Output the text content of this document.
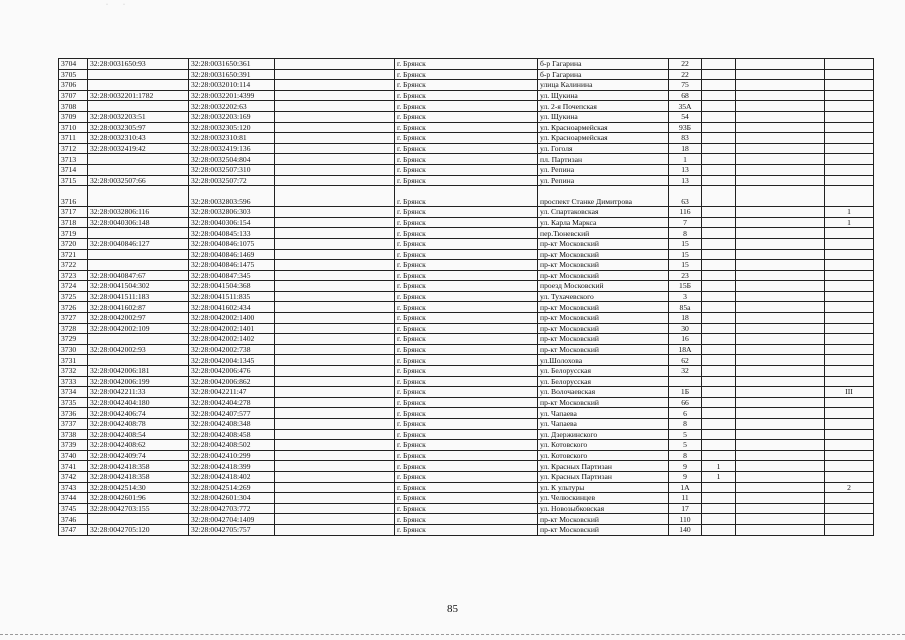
·	·
3704	32:28:0031650:93	32:28:0031650:361		г. Брянск	б-р Гагарина	22			
3705		32:28:0031650:391		г. Брянск	б-р Гагарина	22			
3706		32:28:0032010:114		г. Брянск	улица Калинина	75			
3707	32:28:0032201:1782	32:28:0032201:4399		г. Брянск	ул. Щукина	68			
3708		32:28:0032202:63		г. Брянск	ул. 2-я Почепская	35А			
3709	32:28:0032203:51	32:28:0032203:169		г. Брянск	ул. Щукина	54			
3710	32:28:0032305:97	32:28:0032305:120		г. Брянск	ул. Красноармейская	93Б			
3711	32:28:0032310:43	32:28:0032310:81		г. Брянск	ул. Красноармейская	83			
3712	32:28:0032419:42	32:28:0032419:136		г. Брянск	ул. Гоголя	18			
3713		32:28:0032504:804		г. Брянск	пл. Партизан	1			
3714		32:28:0032507:310		г. Брянск	ул. Репина	13			
3715	32:28:0032507:66	32:28:0032507:72		г. Брянск	ул. Репина	13			
3716		32:28:0032803:596		г. Брянск	проспект Станке Димитрова	63			
3717	32:28:0032806:116	32:28:0032806:303		г. Брянск	ул. Спартаковская	116			1
3718	32:28:0040306:148	32:28:0040306:154		г. Брянск	ул. Карла Маркса	7			1
3719		32:28:0040845:133		г. Брянск	пер.Тюневский	8			
3720	32:28:0040846:127	32:28:0040846:1075		г. Брянск	пр-кт Московский	15			
3721		32:28:0040846:1469		г. Брянск	пр-кт Московский	15			
3722		32:28:0040846:1475		г. Брянск	пр-кт Московский	15			
3723	32:28:0040847:67	32:28:0040847:345		г. Брянск	пр-кт Московский	23			
3724	32:28:0041504:302	32:28:0041504:368		г. Брянск	проезд Московский	15Б			
3725	32:28:0041511:183	32:28:0041511:835		г. Брянск	ул. Тухачевского	3			
3726	32:28:0041602:87	32:28:0041602:434		г. Брянск	пр-кт Московский	85а			
3727	32:28:0042002:97	32:28:0042002:1400		г. Брянск	пр-кт Московский	18			
3728	32:28:0042002:109	32:28:0042002:1401		г. Брянск	пр-кт Московский	30			
3729		32:28:0042002:1402		г. Брянск	пр-кт Московский	16			
3730	32:28:0042002:93	32:28:0042002:738		г. Брянск	пр-кт Московский	18А			
3731		32:28:0042004:1345		г. Брянск	ул.Шолохова	62			
3732	32:28:0042006:181	32:28:0042006:476		г. Брянск	ул. Белорусская	32			
3733	32:28:0042006:199	32:28:0042006:862		г. Брянск	ул. Белорусская				
3734	32:28:0042211:33	32:28:0042211:47		г. Брянск	ул. Волочаевская	1Б			III
3735	32:28:0042404:180	32:28:0042404:278		г. Брянск	пр-кт Московский	66			
3736	32:28:0042406:74	32:28:0042407:577		г. Брянск	ул. Чапаева	6			
3737	32:28:0042408:78	32:28:0042408:348		г. Брянск	ул. Чапаева	8			
3738	32:28:0042408:54	32:28:0042408:458		г. Брянск	ул. Дзержинского	5			
3739	32:28:0042408:62	32:28:0042408:502		г. Брянск	ул. Котовского	5			
3740	32:28:0042409:74	32:28:0042410:299		г. Брянск	ул. Котовского	8			
3741	32:28:0042418:358	32:28:0042418:399		г. Брянск	ул. Красных Партизан	9	1		
3742	32:28:0042418:358	32:28:0042418:402		г. Брянск	ул. Красных Партизан	9	1		
3743	32:28:0042514:30	32:28:0042514:269		г. Брянск	ул. К ультуры	1А			2
3744	32:28:0042601:96	32:28:0042601:304		г. Брянск	ул. Челюскинцев	11			
3745	32:28:0042703:155	32:28:0042703:772		г. Брянск	ул. Новозыбковская	17			
3746		32:28:0042704:1409		г. Брянск	пр-кт Московский	110			
3747	32:28:0042705:120	32:28:0042705:757		г. Брянск	пр-кт Московский	140			
85
